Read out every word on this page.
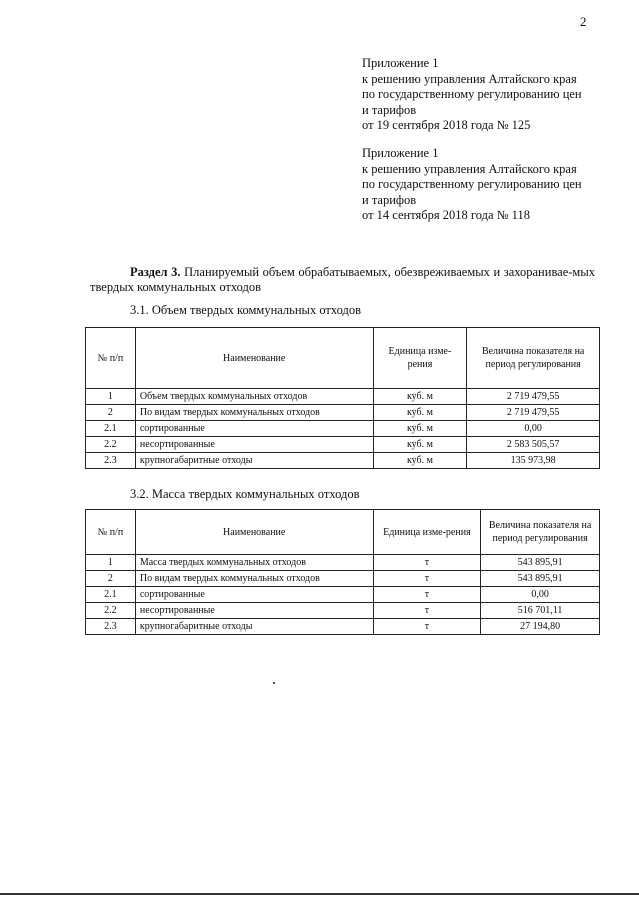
2
Приложение 1
к решению управления Алтайского края
по государственному регулированию цен
и тарифов
от 19 сентября 2018 года № 125
Приложение 1
к решению управления Алтайского края
по государственному регулированию цен
и тарифов
от 14 сентября 2018 года № 118
Раздел 3. Планируемый объем обрабатываемых, обезвреживаемых и захоранивае-мых твердых коммунальных отходов
3.1. Объем твердых коммунальных отходов
№ п/п	Наименование	Единица изме-рения	Величина показателя на период регулирования
1	Объем твердых коммунальных отходов	куб. м	2 719 479,55
2	По видам твердых коммунальных отходов	куб. м	2 719 479,55
2.1	сортированные	куб. м	0,00
2.2	несортированные	куб. м	2 583 505,57
2.3	крупногабаритные отходы	куб. м	135 973,98
3.2. Масса твердых коммунальных отходов
№ п/п	Наименование	Единица изме-рения	Величина показателя на период регулирования
1	Масса твердых коммунальных отходов	т	543 895,91
2	По видам твердых коммунальных отходов	т	543 895,91
2.1	сортированные	т	0,00
2.2	несортированные	т	516 701,11
2.3	крупногабаритные отходы	т	27 194,80
